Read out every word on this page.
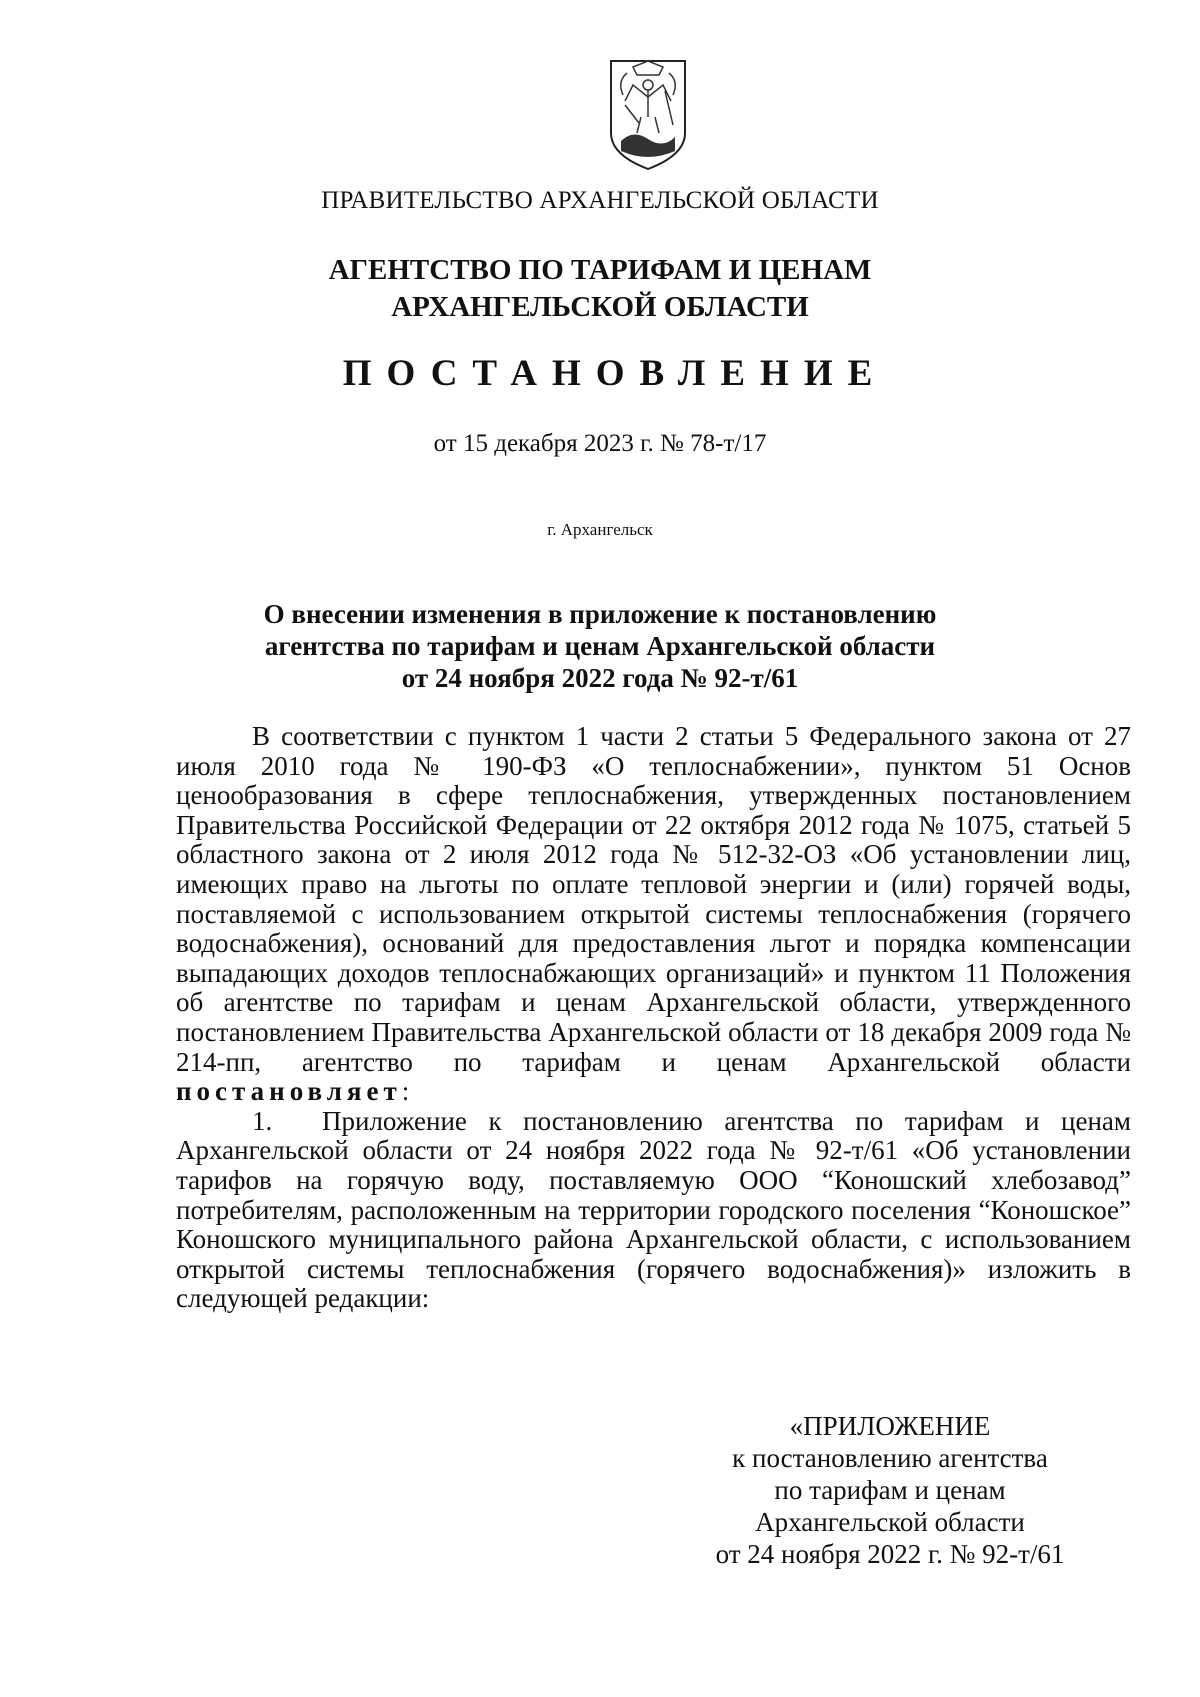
ПРАВИТЕЛЬСТВО АРХАНГЕЛЬСКОЙ ОБЛАСТИ
АГЕНТСТВО ПО ТАРИФАМ И ЦЕНАМ
АРХАНГЕЛЬСКОЙ ОБЛАСТИ
ПОСТАНОВЛЕНИЕ
от 15 декабря 2023 г. № 78-т/17
г. Архангельск
О внесении изменения в приложение к постановлению
агентства по тарифам и ценам Архангельской области
от 24 ноября 2022 года № 92-т/61

В соответствии с пунктом 1 части 2 статьи 5 Федерального закона от 27 июля 2010 года № 190-ФЗ «О теплоснабжении», пунктом 51 Основ ценообразования в сфере теплоснабжения, утвержденных постановлением Правительства Российской Федерации от 22 октября 2012 года № 1075, статьей 5 областного закона от 2 июля 2012 года № 512-32-ОЗ «Об установлении лиц, имеющих право на льготы по оплате тепловой энергии и (или) горячей воды, поставляемой с использованием открытой системы теплоснабжения (горячего водоснабжения), оснований для предоставления льгот и порядка компенсации выпадающих доходов теплоснабжающих организаций» и пунктом 11 Положения об агентстве по тарифам и ценам Архангельской области, утвержденного постановлением Правительства Архангельской области от 18 декабря 2009 года № 214-пп, агентство по тарифам и ценам Архангельской области постановляет:

1. Приложение к постановлению агентства по тарифам и ценам Архангельской области от 24 ноября 2022 года № 92-т/61 «Об установлении тарифов на горячую воду, поставляемую ООО “Коношский хлебозавод” потребителям, расположенным на территории городского поселения “Коношское” Коношского муниципального района Архангельской области, с использованием открытой системы теплоснабжения (горячего водоснабжения)» изложить в следующей редакции:

«ПРИЛОЖЕНИЕ
к постановлению агентства
по тарифам и ценам
Архангельской области
от 24 ноября 2022 г. № 92-т/61
